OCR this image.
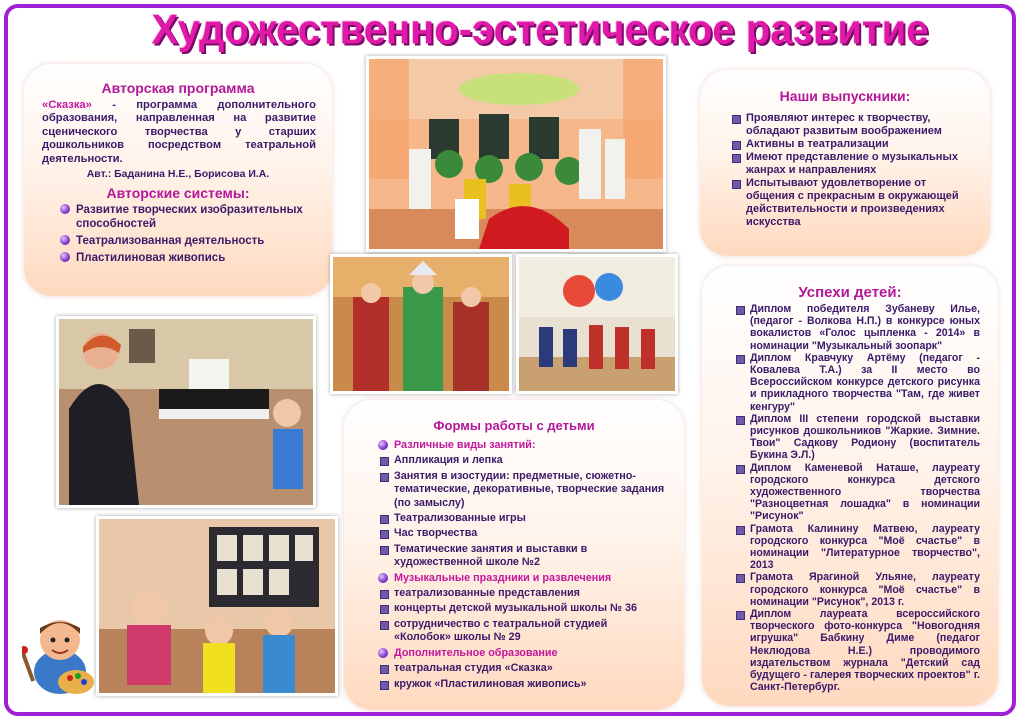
Художественно-эстетическое развитие
Авторская программа
«Сказка» - программа дополнительного образования, направленная на развитие сценического творчества у старших дошкольников посредством театральной деятельности.
Авт.: Баданина Н.Е., Борисова И.А.
Авторские системы:
Развитие творческих изобразительных способностей
Театрализованная деятельность
Пластилиновая живопись
Наши выпускники:
Проявляют интерес к творчеству, обладают развитым воображением
Активны в театрализации
Имеют представление о музыкальных жанрах и направлениях
Испытывают удовлетворение от общения с прекрасным в окружающей действительности и произведениях искусства
Успехи детей:
Диплом победителя Зубаневу Илье, (педагог - Волкова Н.П.) в конкурсе юных вокалистов «Голос цыпленка - 2014» в номинации "Музыкальный зоопарк"
Диплом Кравчуку Артёму (педагог - Ковалева Т.А.) за II место во Всероссийском конкурсе детского рисунка и прикладного творчества "Там, где живет кенгуру"
Диплом III степени городской выставки рисунков дошкольников "Жаркие. Зимние. Твои" Садкову Родиону (воспитатель Букина Э.Л.)
Диплом Каменевой Наташе, лауреату городского конкурса детского художественного творчества "Разноцветная лошадка" в номинации "Рисунок"
Грамота Калинину Матвею, лауреату городского конкурса "Моё счастье" в номинации "Литературное творчество", 2013
Грамота Ярагиной Ульяне, лауреату городского конкурса "Моё счастье" в номинации "Рисунок", 2013 г.
Диплом лауреата всероссийского творческого фото-конкурса "Новогодняя игрушка" Бабкину Диме (педагог Неклюдова Н.Е.) проводимого издательством журнала "Детский сад будущего - галерея творческих проектов" г. Санкт-Петербург.
Формы работы с детьми
Различные виды занятий:
Аппликация и лепка
Занятия в изостудии: предметные, сюжетно-тематические, декоративные, творческие задания (по замыслу)
Театрализованные игры
Час творчества
Тематические занятия и выставки в художественной школе №2
Музыкальные праздники и развлечения
театрализованные представления
концерты детской музыкальной школы № 36
сотрудничество с театральной студией «Колобок» школы № 29
Дополнительное образование
театральная студия «Сказка»
кружок «Пластилиновая живопись»
